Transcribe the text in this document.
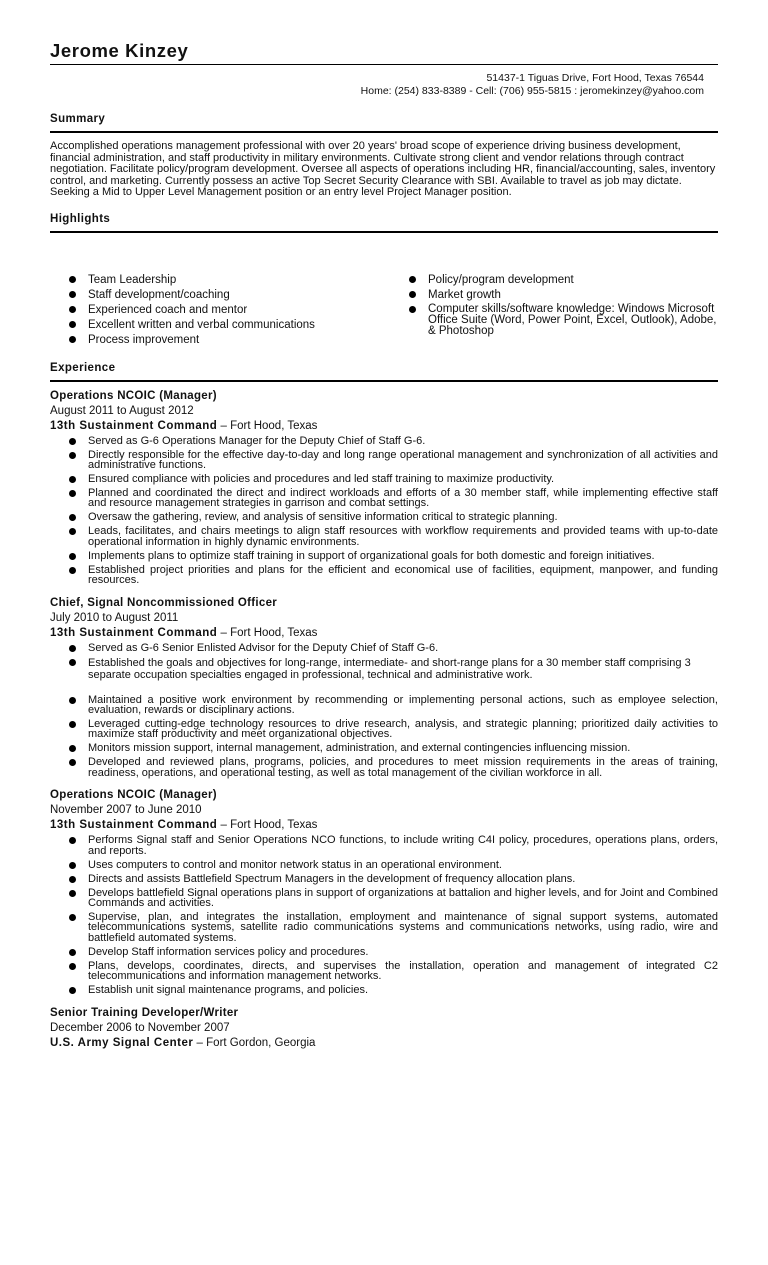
Jerome Kinzey
51437-1 Tiguas Drive, Fort Hood, Texas 76544
Home: (254) 833-8389 - Cell: (706) 955-5815 : jeromekinzey@yahoo.com
Summary
Accomplished operations management professional with over 20 years' broad scope of experience driving business development, financial administration, and staff productivity in military environments. Cultivate strong client and vendor relations through contract negotiation. Facilitate policy/program development. Oversee all aspects of operations including HR, financial/accounting, sales, inventory control, and marketing. Currently possess an active Top Secret Security Clearance with SBI. Available to travel as job may dictate. Seeking a Mid to Upper Level Management position or an entry level Project Manager position.
Highlights
Team Leadership
Staff development/coaching
Experienced coach and mentor
Excellent written and verbal communications
Process improvement
Policy/program development
Market growth
Computer skills/software knowledge: Windows Microsoft Office Suite (Word, Power Point, Excel, Outlook), Adobe, & Photoshop
Experience
Operations NCOIC (Manager)
August 2011 to August 2012
13th Sustainment Command – Fort Hood, Texas
Served as G-6 Operations Manager for the Deputy Chief of Staff G-6.
Directly responsible for the effective day-to-day and long range operational management and synchronization of all activities and administrative functions.
Ensured compliance with policies and procedures and led staff training to maximize productivity.
Planned and coordinated the direct and indirect workloads and efforts of a 30 member staff, while implementing effective staff and resource management strategies in garrison and combat settings.
Oversaw the gathering, review, and analysis of sensitive information critical to strategic planning.
Leads, facilitates, and chairs meetings to align staff resources with workflow requirements and provided teams with up-to-date operational information in highly dynamic environments.
Implements plans to optimize staff training in support of organizational goals for both domestic and foreign initiatives.
Established project priorities and plans for the efficient and economical use of facilities, equipment, manpower, and funding resources.
Chief, Signal Noncommissioned Officer
July 2010 to August 2011
13th Sustainment Command – Fort Hood, Texas
Served as G-6 Senior Enlisted Advisor for the Deputy Chief of Staff G-6.
Established the goals and objectives for long-range, intermediate- and short-range plans for a 30 member staff comprising 3 separate occupation specialties engaged in professional, technical and administrative work.
Maintained a positive work environment by recommending or implementing personal actions, such as employee selection, evaluation, rewards or disciplinary actions.
Leveraged cutting-edge technology resources to drive research, analysis, and strategic planning; prioritized daily activities to maximize staff productivity and meet organizational objectives.
Monitors mission support, internal management, administration, and external contingencies influencing mission.
Developed and reviewed plans, programs, policies, and procedures to meet mission requirements in the areas of training, readiness, operations, and operational testing, as well as total management of the civilian workforce in all.
Operations NCOIC (Manager)
November 2007 to June 2010
13th Sustainment Command – Fort Hood, Texas
Performs Signal staff and Senior Operations NCO functions, to include writing C4I policy, procedures, operations plans, orders, and reports.
Uses computers to control and monitor network status in an operational environment.
Directs and assists Battlefield Spectrum Managers in the development of frequency allocation plans.
Develops battlefield Signal operations plans in support of organizations at battalion and higher levels, and for Joint and Combined Commands and activities.
Supervise, plan, and integrates the installation, employment and maintenance of signal support systems, automated telecommunications systems, satellite radio communications systems and communications networks, using radio, wire and battlefield automated systems.
Develop Staff information services policy and procedures.
Plans, develops, coordinates, directs, and supervises the installation, operation and management of integrated C2 telecommunications and information management networks.
Establish unit signal maintenance programs, and policies.
Senior Training Developer/Writer
December 2006 to November 2007
U.S. Army Signal Center – Fort Gordon, Georgia
